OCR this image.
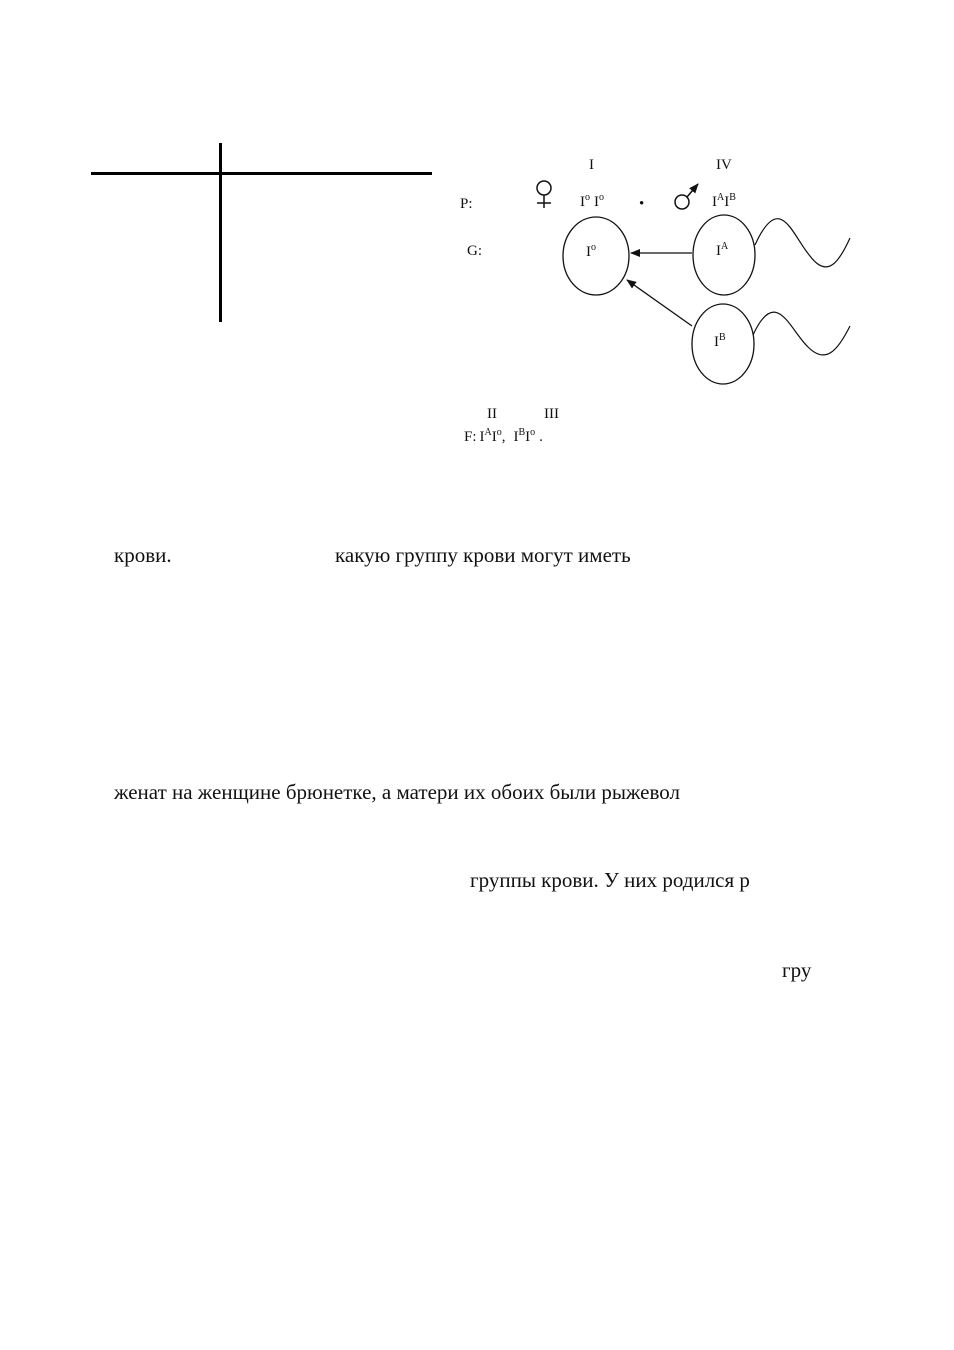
I	IV
P:	$I^o$ $I^o$ •	$I^AI^B$
G:	$I^o$	$I^A$
$I^B$
II	III
F: $I^AI^o$, $I^BI^o$ .
крови.	какую группу крови могут иметь
женат на женщине брюнетке, а матери их обоих были рыжевол
группы крови. У них родился р
гру
